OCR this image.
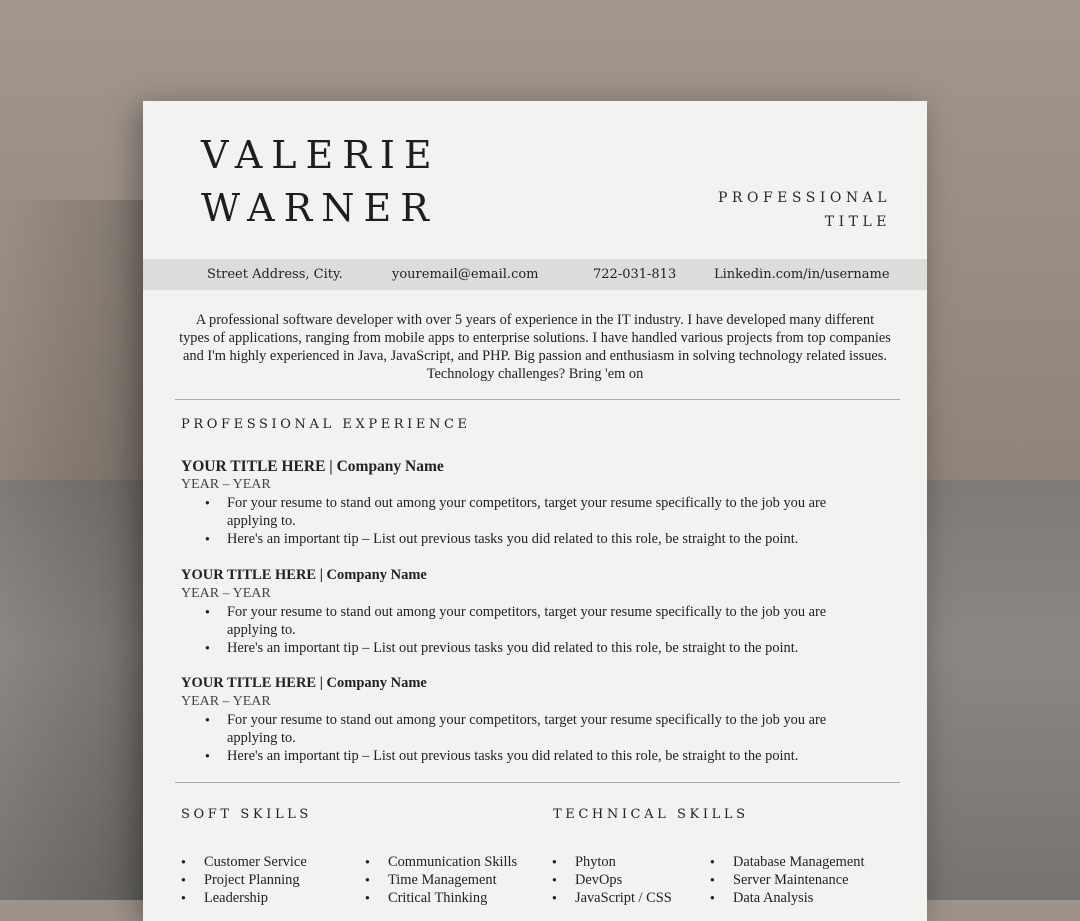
VALERIE
WARNER	PROFESSIONAL
TITLE
Street Address, City.	youremail@email.com	722-031-813	Linkedin.com/in/username
A professional software developer with over 5 years of experience in the IT industry. I have developed many different types of applications, ranging from mobile apps to enterprise solutions. I have handled various projects from top companies and I'm highly experienced in Java, JavaScript, and PHP. Big passion and enthusiasm in solving technology related issues. Technology challenges? Bring 'em on
PROFESSIONAL EXPERIENCE
YOUR TITLE HERE | Company Name
YEAR – YEAR
● For your resume to stand out among your competitors, target your resume specifically to the job you are applying to.
● Here's an important tip – List out previous tasks you did related to this role, be straight to the point.
YOUR TITLE HERE | Company Name
YEAR – YEAR
● For your resume to stand out among your competitors, target your resume specifically to the job you are applying to.
● Here's an important tip – List out previous tasks you did related to this role, be straight to the point.
YOUR TITLE HERE | Company Name
YEAR – YEAR
● For your resume to stand out among your competitors, target your resume specifically to the job you are applying to.
● Here's an important tip – List out previous tasks you did related to this role, be straight to the point.
SOFT SKILLS	TECHNICAL SKILLS
● Customer Service
● Project Planning
● Leadership
● Communication Skills
● Time Management
● Critical Thinking
● Phyton
● DevOps
● JavaScript / CSS
● Database Management
● Server Maintenance
● Data Analysis
